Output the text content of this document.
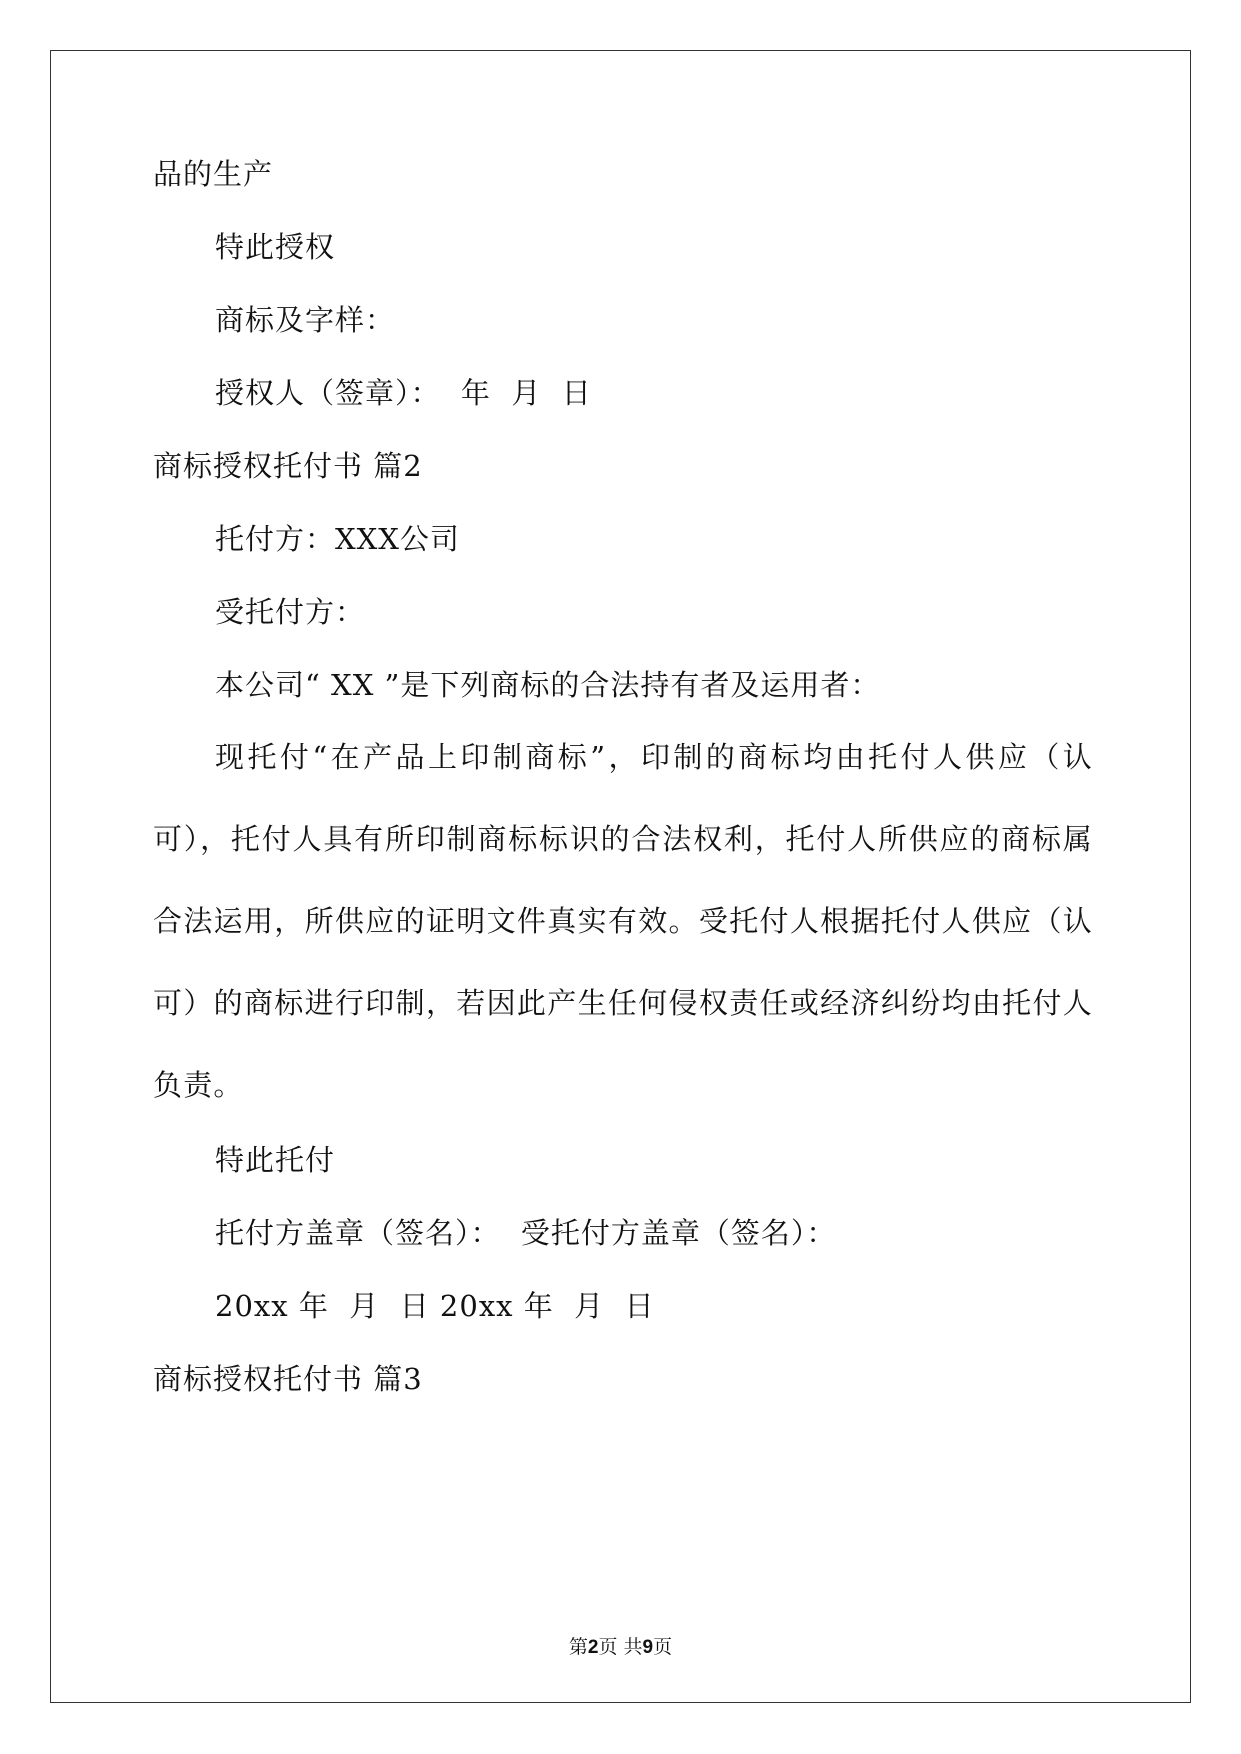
品的生产
特此授权
商标及字样：
授权人（签章）：  年  月  日
商标授权托付书 篇2
托付方：XXX公司
受托付方：
本公司“ XX ”是下列商标的合法持有者及运用者：

现托付“在产品上印制商标”，印制的商标均由托付人供应（认可），托付人具有所印制商标标识的合法权利，托付人所供应的商标属合法运用，所供应的证明文件真实有效。受托付人根据托付人供应（认可）的商标进行印制，若因此产生任何侵权责任或经济纠纷均由托付人负责。

特此托付
托付方盖章（签名）：  受托付方盖章（签名）：
20xx 年  月  日 20xx 年  月  日
商标授权托付书 篇3
第2页 共9页
